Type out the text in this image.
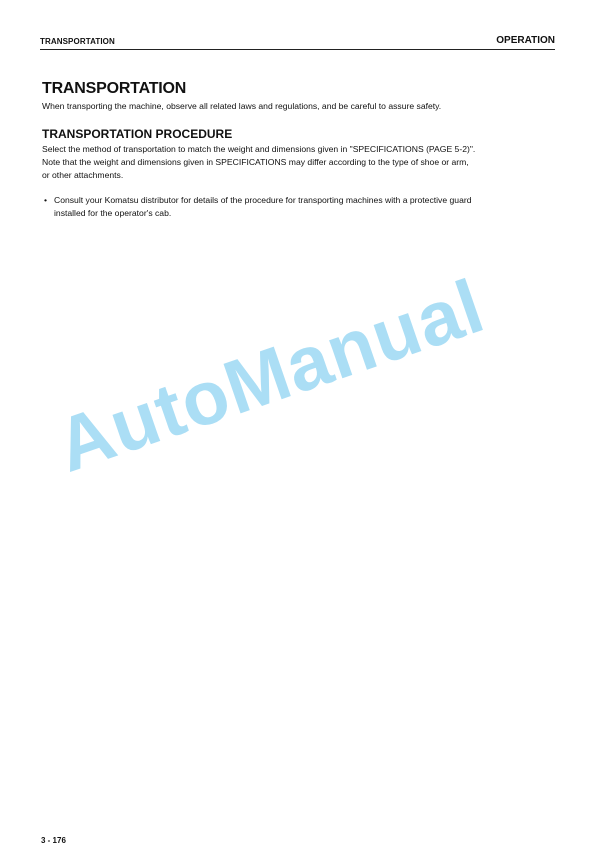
TRANSPORTATION	OPERATION
TRANSPORTATION

When transporting the machine, observe all related laws and regulations, and be careful to assure safety.

TRANSPORTATION PROCEDURE
Select the method of transportation to match the weight and dimensions given in "SPECIFICATIONS (PAGE 5-2)".
Note that the weight and dimensions given in SPECIFICATIONS may differ according to the type of shoe or arm,
or other attachments.
• Consult your Komatsu distributor for details of the procedure for transporting machines with a protective guard
installed for the operator's cab.
AutoManual
3 - 176
